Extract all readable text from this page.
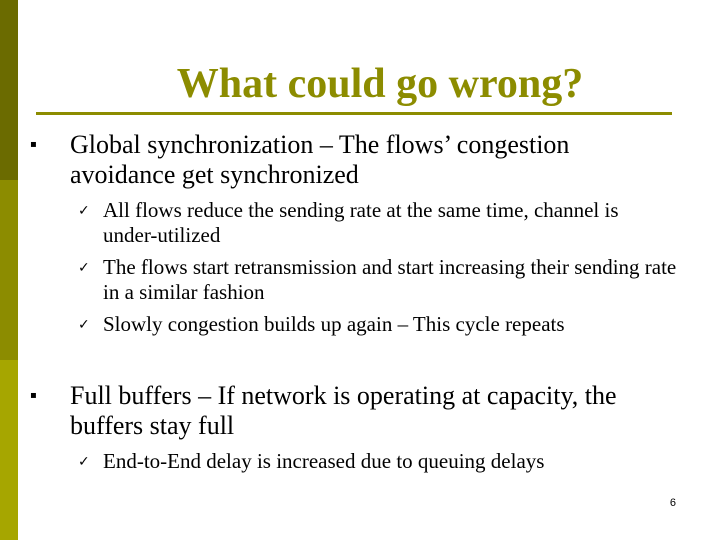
What could go wrong?
▪ Global synchronization – The flows’ congestion avoidance get synchronized
✓ All flows reduce the sending rate at the same time, channel is under-utilized
✓ The flows start retransmission and start increasing their sending rate in a similar fashion
✓ Slowly congestion builds up again – This cycle repeats
▪ Full buffers – If network is operating at capacity, the buffers stay full
✓ End-to-End delay is increased due to queuing delays
6
